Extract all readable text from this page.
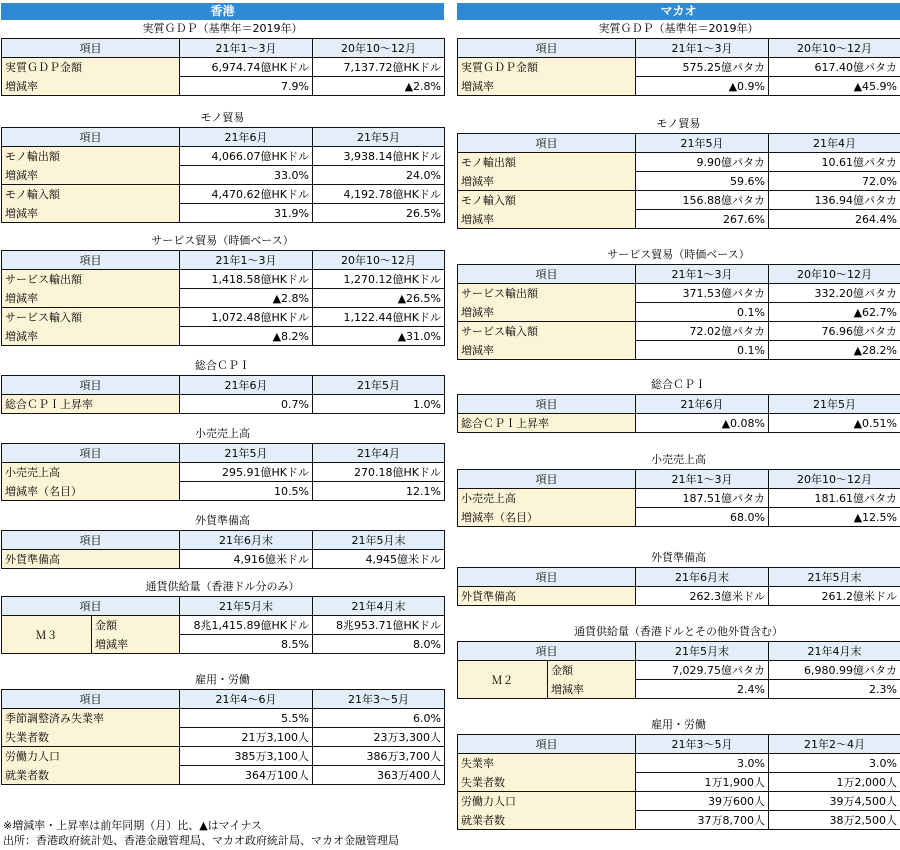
香港
実質ＧＤＰ（基準年＝2019年）
項目	21年1～3月	20年10～12月
実質ＧＤＰ金額	6,974.74億HKドル	7,137.72億HKドル
増減率	7.9%	▲2.8%
モノ貿易
項目	21年6月	21年5月
モノ輸出額	4,066.07億HKドル	3,938.14億HKドル
増減率	33.0%	24.0%
モノ輸入額	4,470.62億HKドル	4,192.78億HKドル
増減率	31.9%	26.5%
サービス貿易（時価ベース）
項目	21年1～3月	20年10～12月
サービス輸出額	1,418.58億HKドル	1,270.12億HKドル
増減率	▲2.8%	▲26.5%
サービス輸入額	1,072.48億HKドル	1,122.44億HKドル
増減率	▲8.2%	▲31.0%
総合ＣＰＩ
項目	21年6月	21年5月
総合ＣＰＩ上昇率	0.7%	1.0%
小売売上高
項目	21年5月	21年4月
小売売上高	295.91億HKドル	270.18億HKドル
増減率（名目）	10.5%	12.1%
外貨準備高
項目	21年6月末	21年5月末
外貨準備高	4,916億米ドル	4,945億米ドル
通貨供給量（香港ドル分のみ）
項目		21年5月末	21年4月末
Ｍ３	金額	8兆1,415.89億HKドル	8兆953.71億HKドル
	増減率	8.5%	8.0%
雇用・労働
項目	21年4～6月	21年3～5月
季節調整済み失業率	5.5%	6.0%
失業者数	21万3,100人	23万3,300人
労働力人口	385万3,100人	386万3,700人
就業者数	364万100人	363万400人
マカオ
実質ＧＤＰ（基準年＝2019年）
項目	21年1～3月	20年10～12月
実質ＧＤＰ金額	575.25億パタカ	617.40億パタカ
増減率	▲0.9%	▲45.9%
モノ貿易
項目	21年5月	21年4月
モノ輸出額	9.90億パタカ	10.61億パタカ
増減率	59.6%	72.0%
モノ輸入額	156.88億パタカ	136.94億パタカ
増減率	267.6%	264.4%
サービス貿易（時価ベース）
項目	21年1～3月	20年10～12月
サービス輸出額	371.53億パタカ	332.20億パタカ
増減率	0.1%	▲62.7%
サービス輸入額	72.02億パタカ	76.96億パタカ
増減率	0.1%	▲28.2%
総合ＣＰＩ
項目	21年6月	21年5月
総合ＣＰＩ上昇率	▲0.08%	▲0.51%
小売売上高
項目	21年1～3月	20年10～12月
小売売上高	187.51億パタカ	181.61億パタカ
増減率（名目）	68.0%	▲12.5%
外貨準備高
項目	21年6月末	21年5月末
外貨準備高	262.3億米ドル	261.2億米ドル
通貨供給量（香港ドルとその他外貨含む）
項目		21年5月末	21年4月末
Ｍ２	金額	7,029.75億パタカ	6,980.99億パタカ
	増減率	2.4%	2.3%
雇用・労働
項目	21年3～5月	21年2～4月
失業率	3.0%	3.0%
失業者数	1万1,900人	1万2,000人
労働力人口	39万600人	39万4,500人
就業者数	37万8,700人	38万2,500人
※増減率・上昇率は前年同期（月）比、▲はマイナス
出所：香港政府統計処、香港金融管理局、マカオ政府統計局、マカオ金融管理局
